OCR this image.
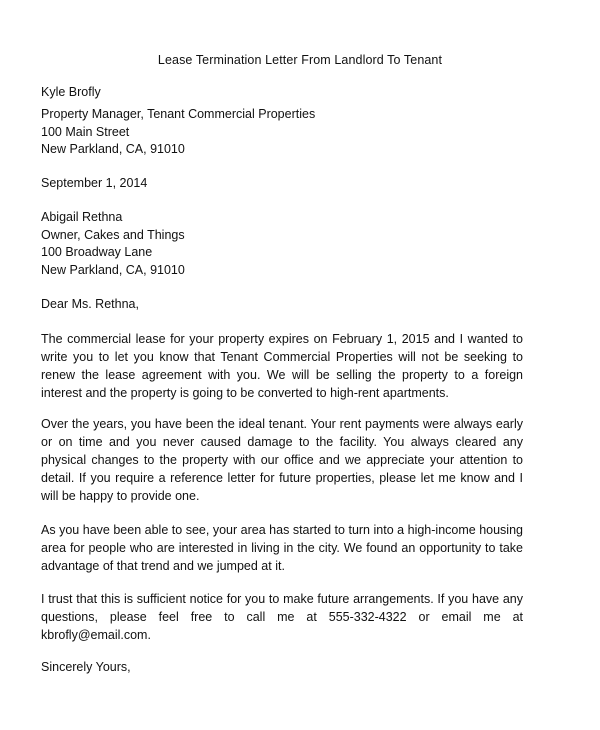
Lease Termination Letter From Landlord To Tenant
Kyle Brofly
Property Manager, Tenant Commercial Properties
100 Main Street
New Parkland, CA, 91010
September 1, 2014
Abigail Rethna
Owner, Cakes and Things
100 Broadway Lane
New Parkland, CA, 91010
Dear Ms. Rethna,
The commercial lease for your property expires on February 1, 2015 and I wanted to write you to let you know that Tenant Commercial Properties will not be seeking to renew the lease agreement with you. We will be selling the property to a foreign interest and the property is going to be converted to high-rent apartments.
Over the years, you have been the ideal tenant. Your rent payments were always early or on time and you never caused damage to the facility. You always cleared any physical changes to the property with our office and we appreciate your attention to detail. If you require a reference letter for future properties, please let me know and I will be happy to provide one.
As you have been able to see, your area has started to turn into a high-income housing area for people who are interested in living in the city. We found an opportunity to take advantage of that trend and we jumped at it.
I trust that this is sufficient notice for you to make future arrangements. If you have any questions, please feel free to call me at 555-332-4322 or email me at kbrofly@email.com.
Sincerely Yours,
